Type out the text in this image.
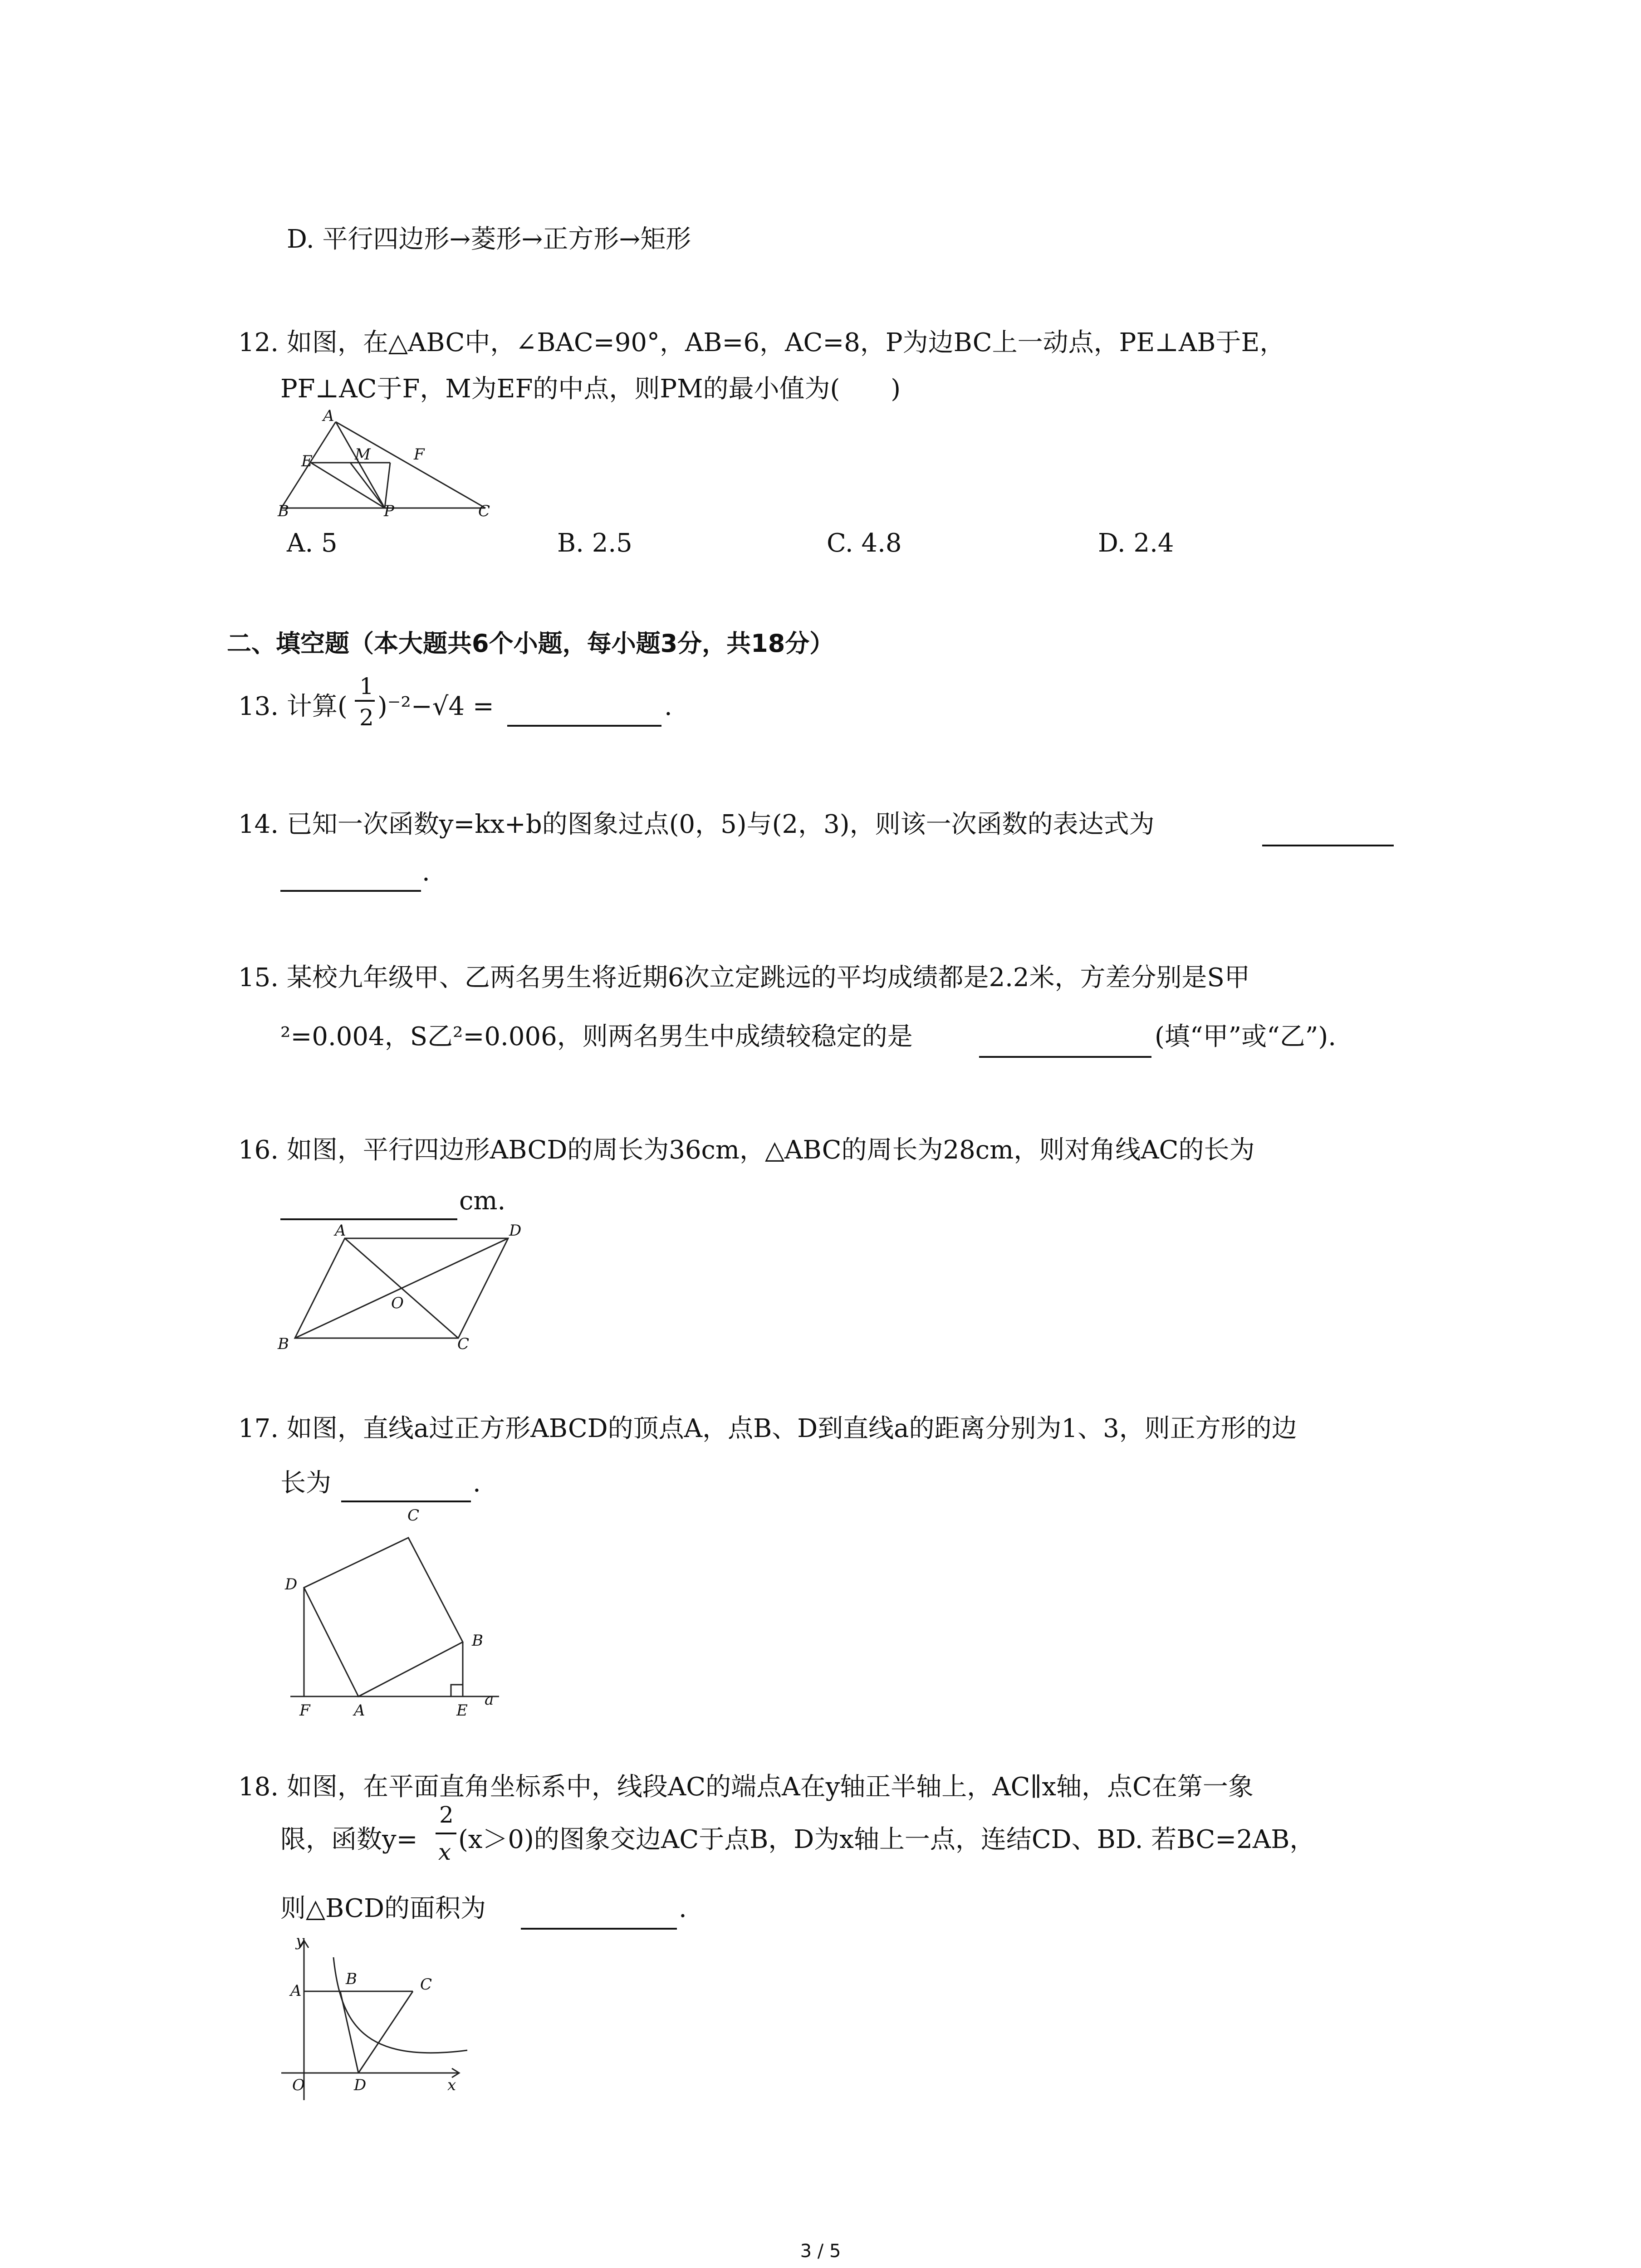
D. 平行四边形→菱形→正方形→矩形
12. 如图，在△ABC中，∠BAC=90°，AB=6，AC=8，P为边BC上一动点，PE⊥AB于E，
PF⊥AC于F，M为EF的中点，则PM的最小值为(　　)
A
E	M	F
B	P	C
A. 5	B. 2.5	C. 4.8	D. 2.4
二、填空题（本大题共6个小题，每小题3分，共18分）
13. 计算(
1
2 )⁻²−√4 =	.
14. 已知一次函数y=kx+b的图象过点(0，5)与(2，3)，则该一次函数的表达式为
.
15. 某校九年级甲、乙两名男生将近期6次立定跳远的平均成绩都是2.2米，方差分别是S甲
²=0.004，S乙²=0.006，则两名男生中成绩较稳定的是	(填“甲”或“乙”).
16. 如图，平行四边形ABCD的周长为36cm，△ABC的周长为28cm，则对角线AC的长为
cm.
A	D
O
B	C
17. 如图，直线a过正方形ABCD的顶点A，点B、D到直线a的距离分别为1、3，则正方形的边
长为	.
C
D
B
F	A	E
a
18. 如图，在平面直角坐标系中，线段AC的端点A在y轴正半轴上，AC∥x轴，点C在第一象
限，函数y=
2
x (x＞0)的图象交边AC于点B，D为x轴上一点，连结CD、BD. 若BC=2AB，
则△BCD的面积为	.
y
A
B	C
O	D	x
3 / 5
